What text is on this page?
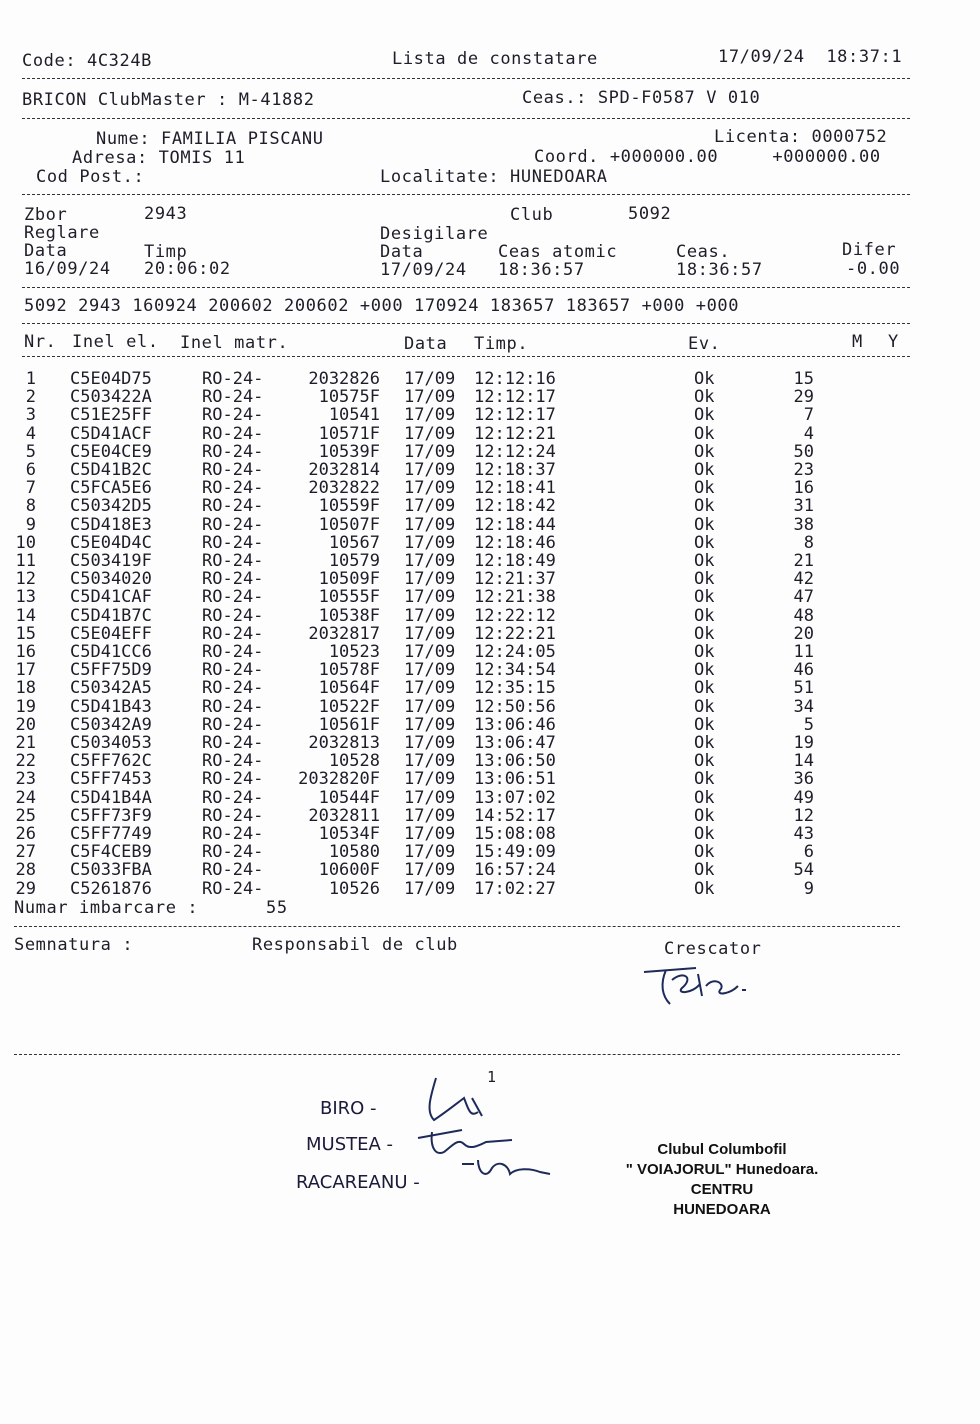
Code: 4C324B	Lista de constatare	17/09/24  18:37:1
BRICON ClubMaster : M-41882	Ceas.: SPD-F0587 V 010
Nume: FAMILIA PISCANU	Licenta: 0000752
Adresa: TOMIS 11	Coord. +000000.00     +000000.00
Cod Post.:	Localitate: HUNEDOARA
Zbor	2943	Club	5092
Reglare	Desigilare
Data	Timp	Data	Ceas atomic	Ceas.	Difer
16/09/24 20:06:02	17/09/24 18:36:57	18:36:57	-0.00
5092 2943 160924 200602 200602 +000 170924 183657 183657 +000 +000
Nr. Inel el. Inel matr.	Data Timp.	Ev.	M Y
1 C5E04D75	RO-24-	2032826 17/09 12:12:16	Ok	15
2 C503422A	RO-24-	10575F 17/09 12:12:17	Ok	29
3 C51E25FF	RO-24-	10541 17/09 12:12:17	Ok	7
4 C5D41ACF	RO-24-	10571F 17/09 12:12:21	Ok	4
5 C5E04CE9	RO-24-	10539F 17/09 12:12:24	Ok	50
6 C5D41B2C	RO-24-	2032814 17/09 12:18:37	Ok	23
7 C5FCA5E6	RO-24-	2032822 17/09 12:18:41	Ok	16
8 C50342D5	RO-24-	10559F 17/09 12:18:42	Ok	31
9 C5D418E3	RO-24-	10507F 17/09 12:18:44	Ok	38
10 C5E04D4C	RO-24-	10567 17/09 12:18:46	Ok	8
11 C503419F	RO-24-	10579 17/09 12:18:49	Ok	21
12 C5034020	RO-24-	10509F 17/09 12:21:37	Ok	42
13 C5D41CAF	RO-24-	10555F 17/09 12:21:38	Ok	47
14 C5D41B7C	RO-24-	10538F 17/09 12:22:12	Ok	48
15 C5E04EFF	RO-24-	2032817 17/09 12:22:21	Ok	20
16 C5D41CC6	RO-24-	10523 17/09 12:24:05	Ok	11
17 C5FF75D9	RO-24-	10578F 17/09 12:34:54	Ok	46
18 C50342A5	RO-24-	10564F 17/09 12:35:15	Ok	51
19 C5D41B43	RO-24-	10522F 17/09 12:50:56	Ok	34
20 C50342A9	RO-24-	10561F 17/09 13:06:46	Ok	5
21 C5034053	RO-24-	2032813 17/09 13:06:47	Ok	19
22 C5FF762C	RO-24-	10528 17/09 13:06:50	Ok	14
23 C5FF7453	RO-24- 2032820F 17/09 13:06:51	Ok	36
24 C5D41B4A	RO-24-	10544F 17/09 13:07:02	Ok	49
25 C5FF73F9	RO-24-	2032811 17/09 14:52:17	Ok	12
26 C5FF7749	RO-24-	10534F 17/09 15:08:08	Ok	43
27 C5F4CEB9	RO-24-	10580 17/09 15:49:09	Ok	6
28 C5033FBA	RO-24-	10600F 17/09 16:57:24	Ok	54
29 C5261876	RO-24-	10526 17/09 17:02:27	Ok	9
Numar imbarcare :	55
Semnatura :	Responsabil de club	Crescator
1
BIRO -
MUSTEA -
RACAREANU -
Clubul Columbofil
" VOIAJORUL" Hunedoara.
CENTRU
HUNEDOARA
